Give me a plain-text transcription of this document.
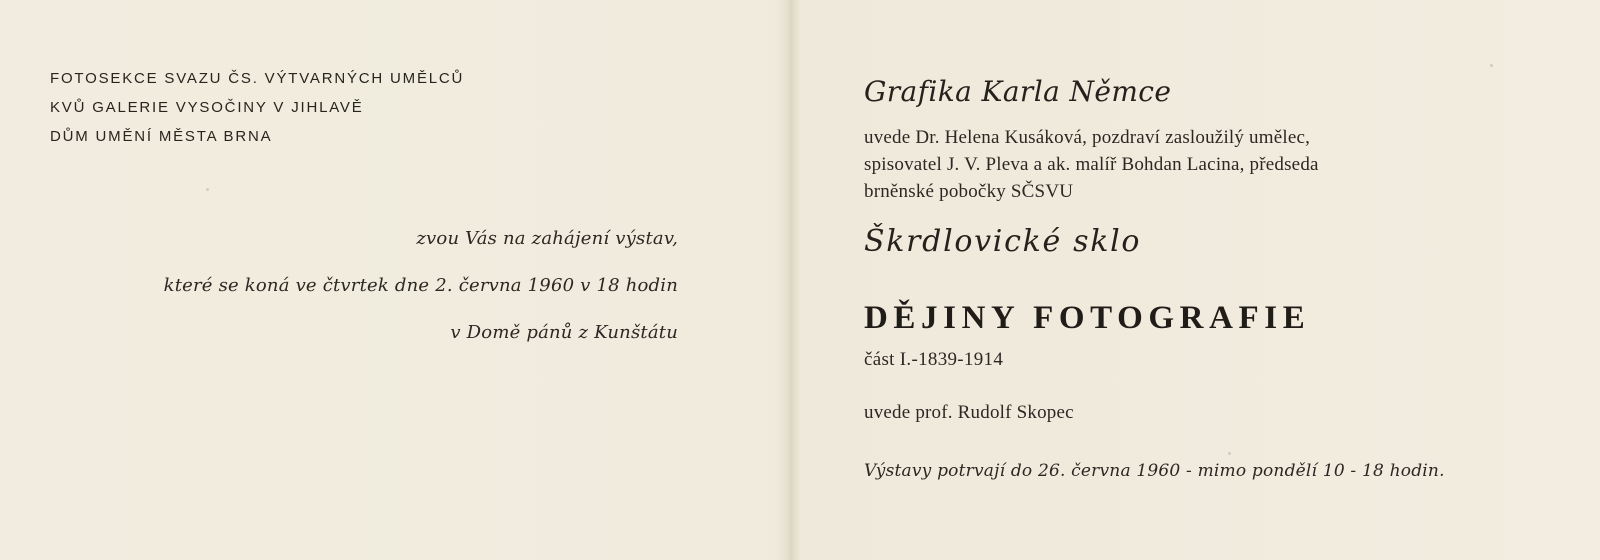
FOTOSEKCE SVAZU ČS. VÝTVARNÝCH UMĚLCŮ
KVŮ GALERIE VYSOČINY V JIHLAVĚ
DŮM UMĚNÍ MĚSTA BRNA
zvou Vás na zahájení výstav,
které se koná ve čtvrtek dne 2. června 1960 v 18 hodin
v Domě pánů z Kunštátu
Grafika Karla Němce
uvede Dr. Helena Kusáková, pozdraví zasloužilý umělec,
spisovatel J. V. Pleva a ak. malíř Bohdan Lacina, předseda
brněnské pobočky SČSVU
Škrdlovické sklo
DĚJINY FOTOGRAFIE
část I.-1839-1914
uvede prof. Rudolf Skopec
Výstavy potrvají do 26. června 1960 - mimo pondělí 10 - 18 hodin.
